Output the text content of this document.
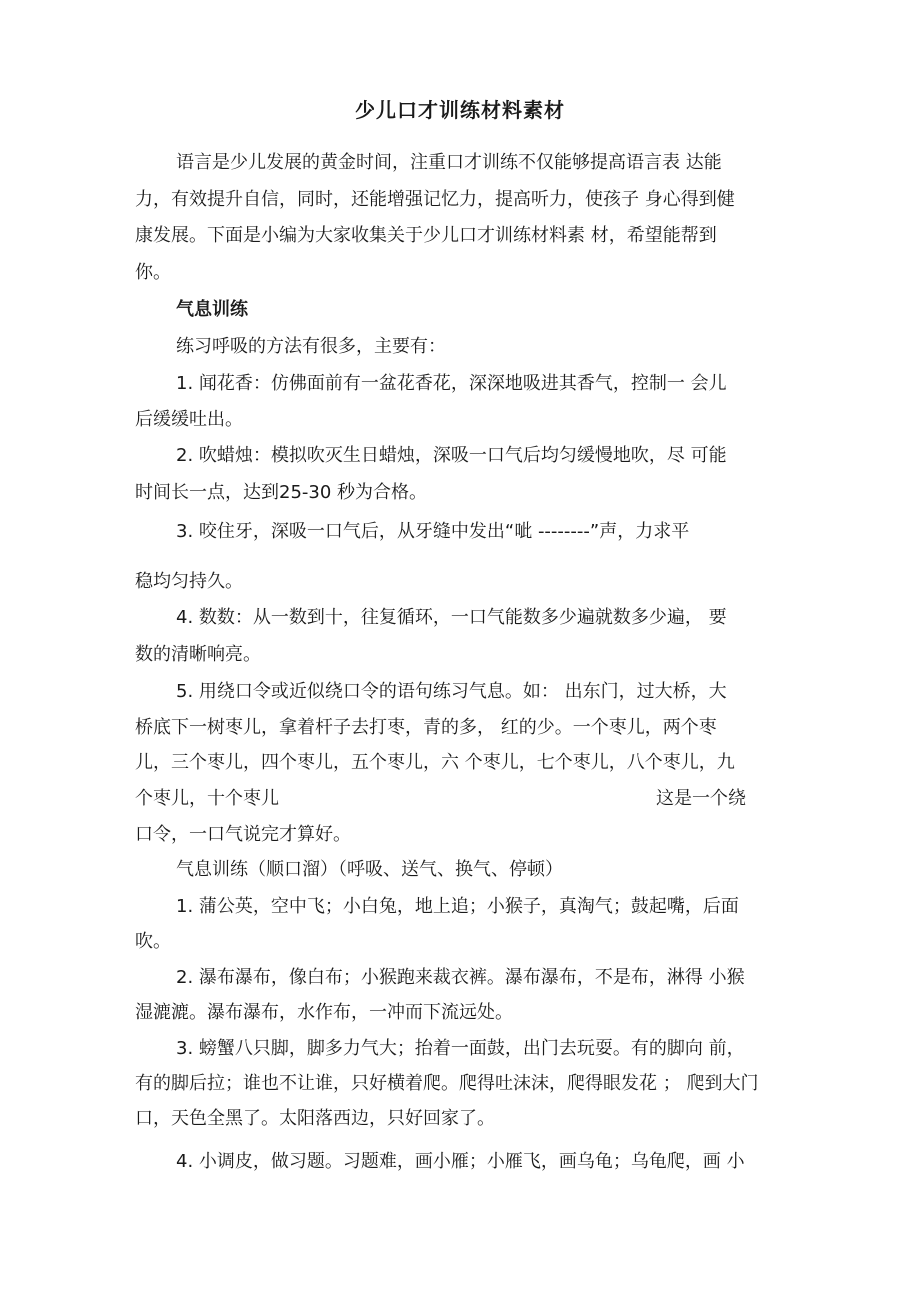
少儿口才训练材料素材
语言是少儿发展的黄金时间，注重口才训练不仅能够提高语言表 达能
力，有效提升自信，同时，还能增强记忆力，提高听力，使孩子 身心得到健
康发展。下面是小编为大家收集关于少儿口才训练材料素 材，希望能帮到
你。
气息训练
练习呼吸的方法有很多，主要有：
1. 闻花香：仿佛面前有一盆花香花，深深地吸进其香气，控制一 会儿
后缓缓吐出。
2. 吹蜡烛：模拟吹灭生日蜡烛，深吸一口气后均匀缓慢地吹，尽 可能
时间长一点，达到25-30 秒为合格。
3. 咬住牙，深吸一口气后，从牙缝中发出“呲 --------”声，力求平
稳均匀持久。
4. 数数：从一数到十，往复循环，一口气能数多少遍就数多少遍， 要
数的清晰响亮。
5. 用绕口令或近似绕口令的语句练习气息。如： 出东门，过大桥，大
桥底下一树枣儿，拿着杆子去打枣，青的多， 红的少。一个枣儿，两个枣
儿，三个枣儿，四个枣儿，五个枣儿，六 个枣儿，七个枣儿，八个枣儿，九
个枣儿，十个枣儿	这是一个绕
口令，一口气说完才算好。
气息训练（顺口溜）（呼吸、送气、换气、停顿）
1. 蒲公英，空中飞；小白兔，地上追；小猴子，真淘气；鼓起嘴，后面
吹。
2. 瀑布瀑布，像白布；小猴跑来裁衣裤。瀑布瀑布，不是布，淋得 小猴
湿漉漉。瀑布瀑布，水作布，一冲而下流远处。
3. 螃蟹八只脚，脚多力气大；抬着一面鼓，出门去玩耍。有的脚向 前，
有的脚后拉；谁也不让谁，只好横着爬。爬得吐沫沫，爬得眼发花 ； 爬到大门
口，天色全黑了。太阳落西边，只好回家了。
4. 小调皮，做习题。习题难，画小雁；小雁飞，画乌龟；乌龟爬，画 小
